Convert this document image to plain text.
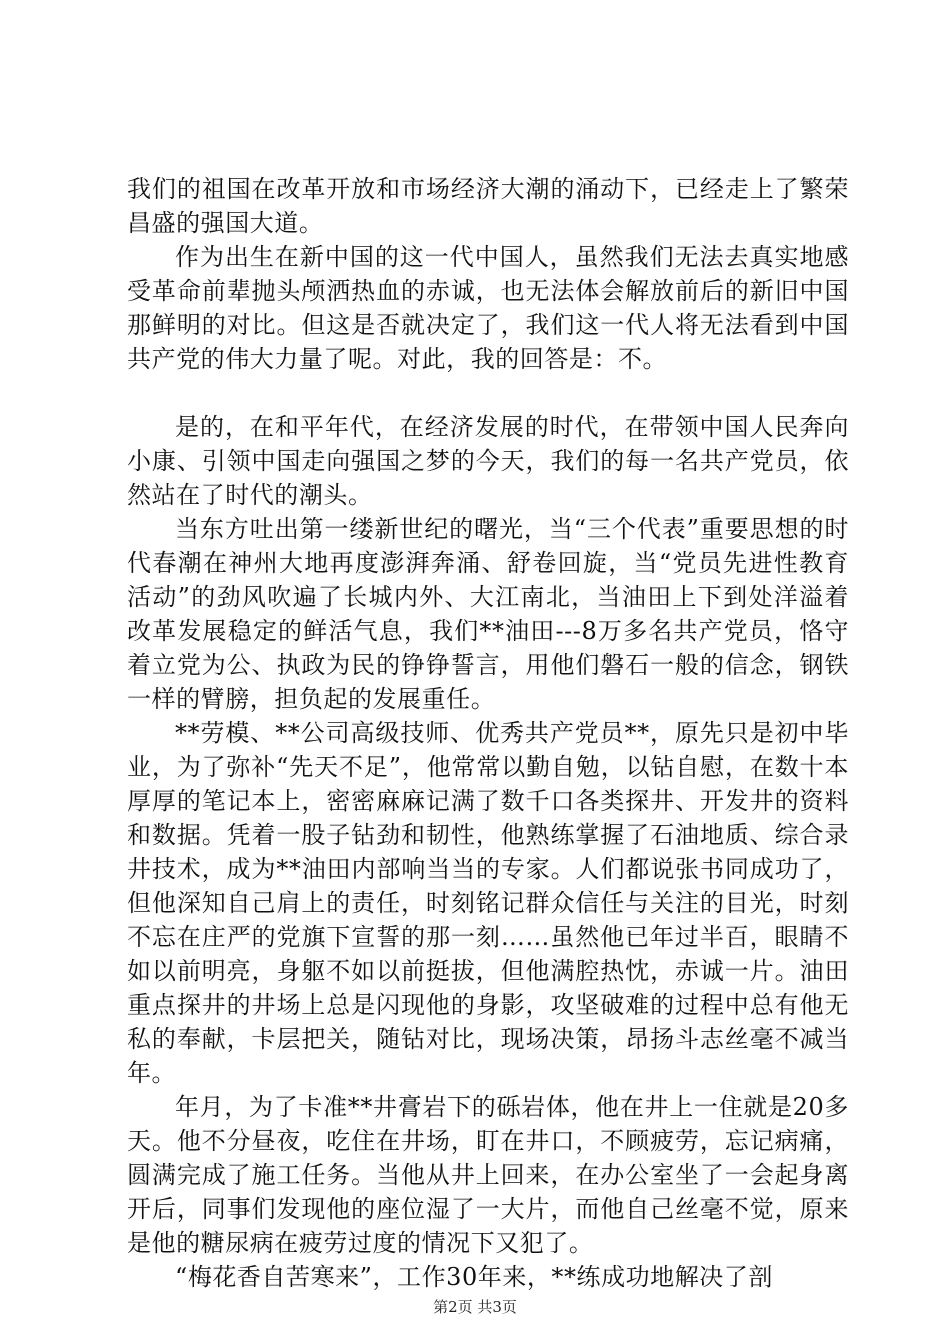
我们的祖国在改革开放和市场经济大潮的涌动下，已经走上了繁荣昌盛的强国大道。

作为出生在新中国的这一代中国人，虽然我们无法去真实地感受革命前辈抛头颅洒热血的赤诚，也无法体会解放前后的新旧中国那鲜明的对比。但这是否就决定了，我们这一代人将无法看到中国共产党的伟大力量了呢。对此，我的回答是：不。

是的，在和平年代，在经济发展的时代，在带领中国人民奔向小康、引领中国走向强国之梦的今天，我们的每一名共产党员，依然站在了时代的潮头。

当东方吐出第一缕新世纪的曙光，当“三个代表”重要思想的时代春潮在神州大地再度澎湃奔涌、舒卷回旋，当“党员先进性教育活动”的劲风吹遍了长城内外、大江南北，当油田上下到处洋溢着改革发展稳定的鲜活气息，我们**油田---8万多名共产党员，恪守着立党为公、执政为民的铮铮誓言，用他们磐石一般的信念，钢铁一样的臂膀，担负起的发展重任。

**劳模、**公司高级技师、优秀共产党员**，原先只是初中毕业，为了弥补“先天不足”，他常常以勤自勉，以钻自慰，在数十本厚厚的笔记本上，密密麻麻记满了数千口各类探井、开发井的资料和数据。凭着一股子钻劲和韧性，他熟练掌握了石油地质、综合录井技术，成为**油田内部响当当的专家。人们都说张书同成功了，但他深知自己肩上的责任，时刻铭记群众信任与关注的目光，时刻不忘在庄严的党旗下宣誓的那一刻……虽然他已年过半百，眼睛不如以前明亮，身躯不如以前挺拔，但他满腔热忱，赤诚一片。油田重点探井的井场上总是闪现他的身影，攻坚破难的过程中总有他无私的奉献，卡层把关，随钻对比，现场决策，昂扬斗志丝毫不减当年。

年月，为了卡准**井膏岩下的砾岩体，他在井上一住就是20多天。他不分昼夜，吃住在井场，盯在井口，不顾疲劳，忘记病痛，圆满完成了施工任务。当他从井上回来，在办公室坐了一会起身离开后，同事们发现他的座位湿了一大片，而他自己丝毫不觉，原来是他的糖尿病在疲劳过度的情况下又犯了。

“梅花香自苦寒来”，工作30年来，**练成功地解决了剖

第2页 共3页
